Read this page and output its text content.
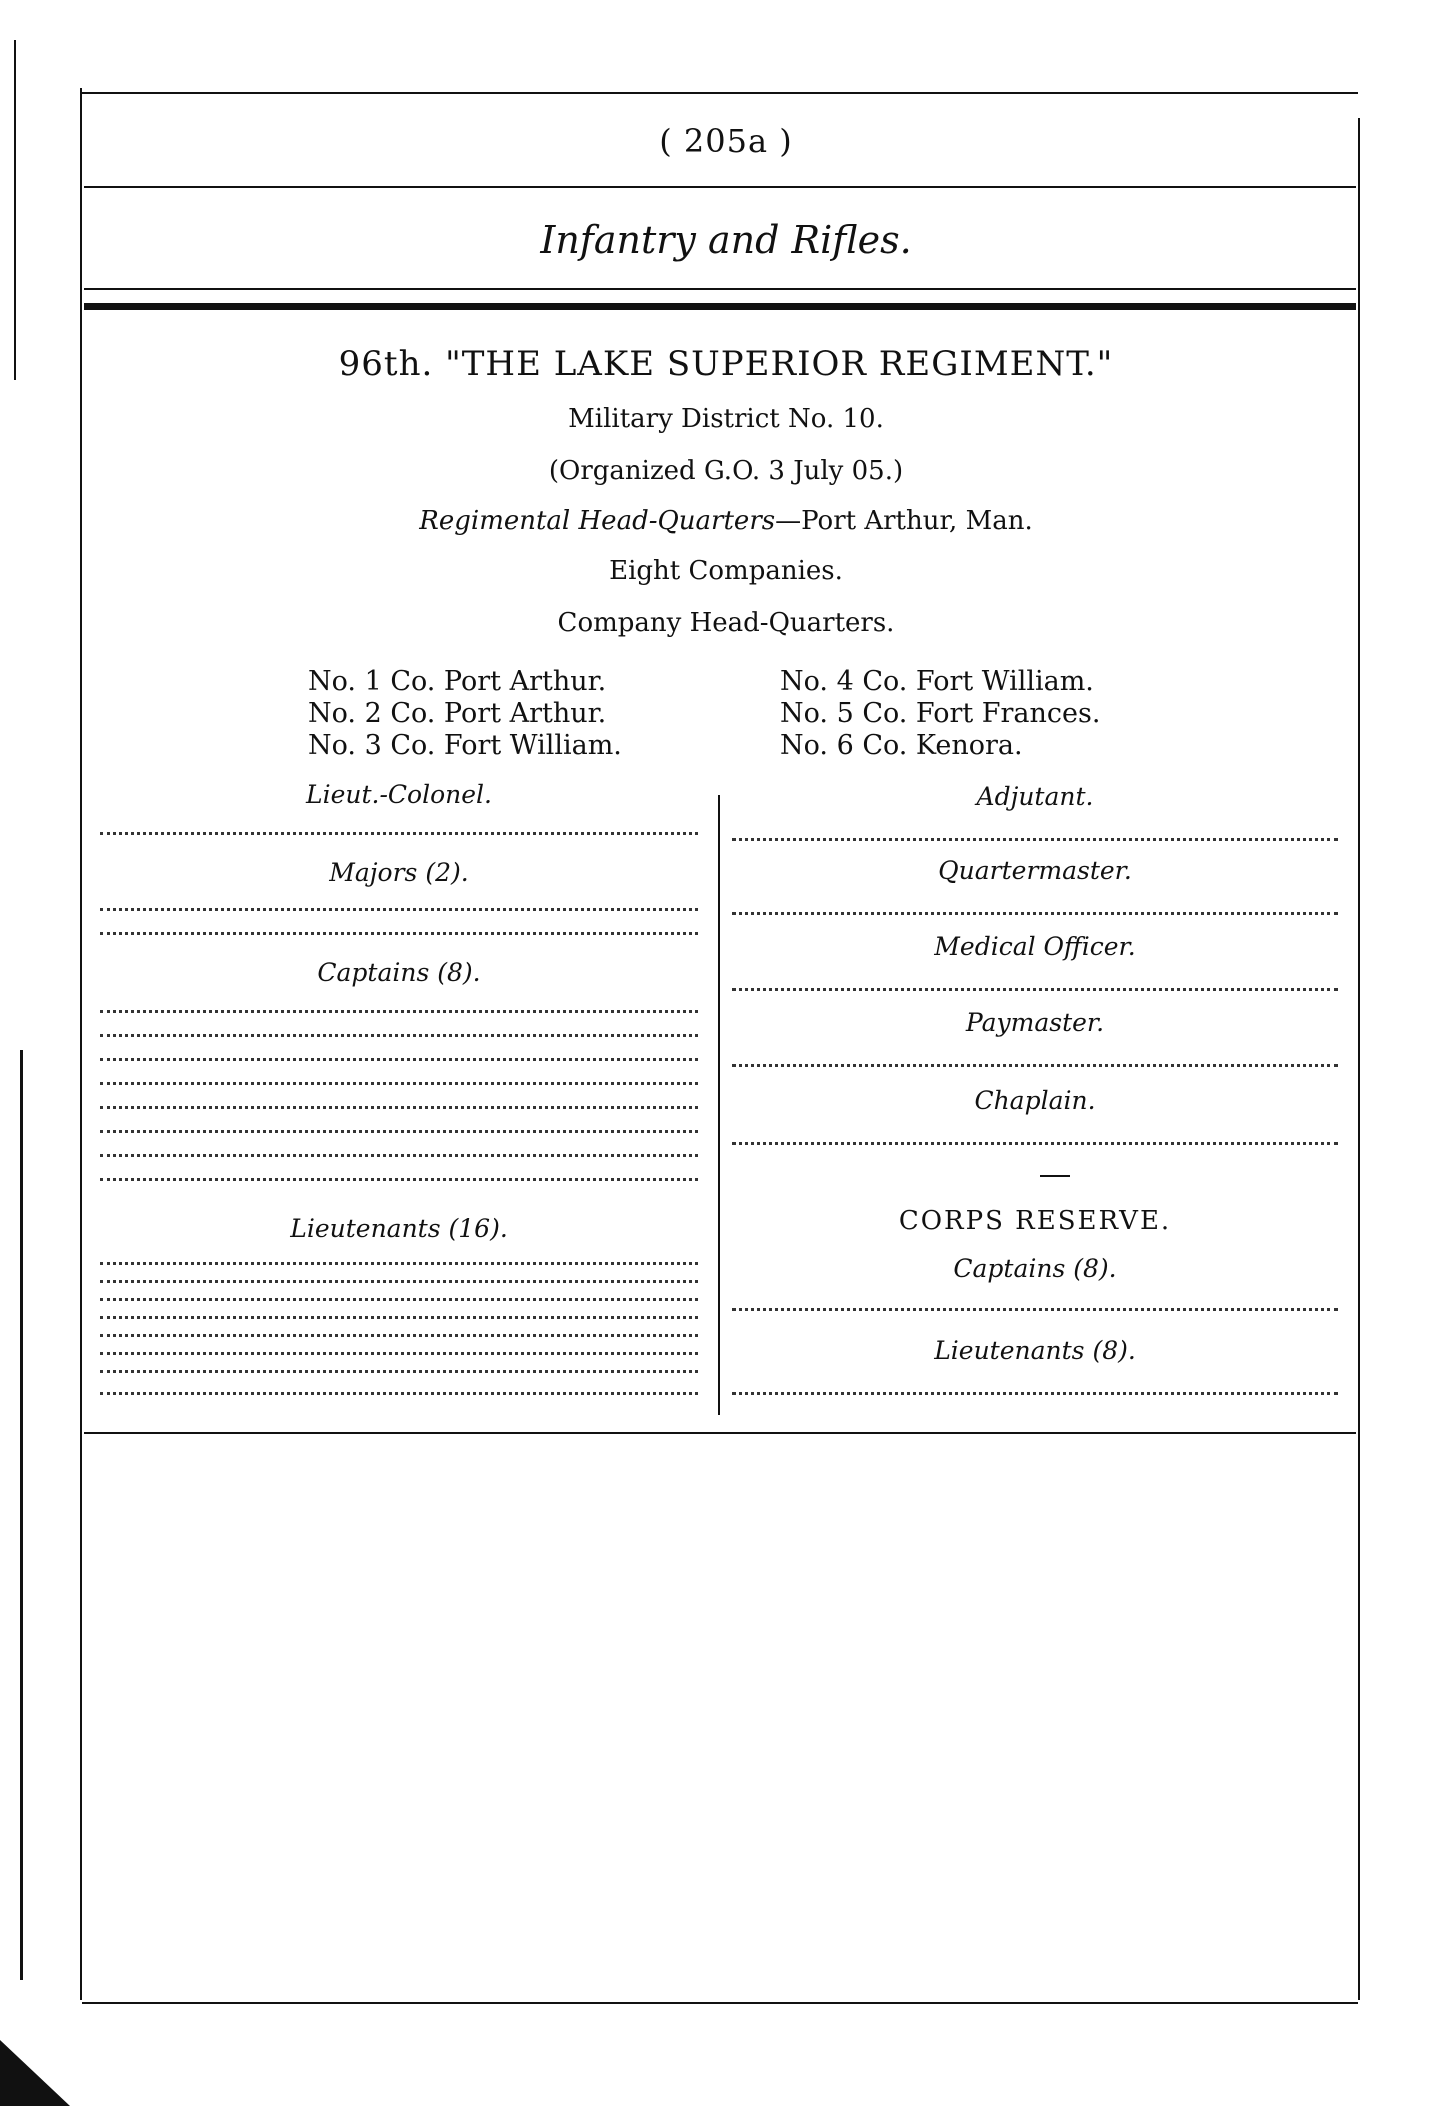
( 205a )
Infantry and Rifles.
96th. "THE LAKE SUPERIOR REGIMENT."
Military District No. 10.
(Organized G.O. 3 July 05.)
Regimental Head-Quarters—Port Arthur, Man.
Eight Companies.
Company Head-Quarters.
No. 1 Co. Port Arthur.
No. 2 Co. Port Arthur.
No. 3 Co. Fort William.
No. 4 Co. Fort William.
No. 5 Co. Fort Frances.
No. 6 Co. Kenora.
Lieut.-Colonel.
Majors (2).
Captains (8).
Lieutenants (16).
Adjutant.
Quartermaster.
Medical Officer.
Paymaster.
Chaplain.
CORPS RESERVE.
Captains (8).
Lieutenants (8).
